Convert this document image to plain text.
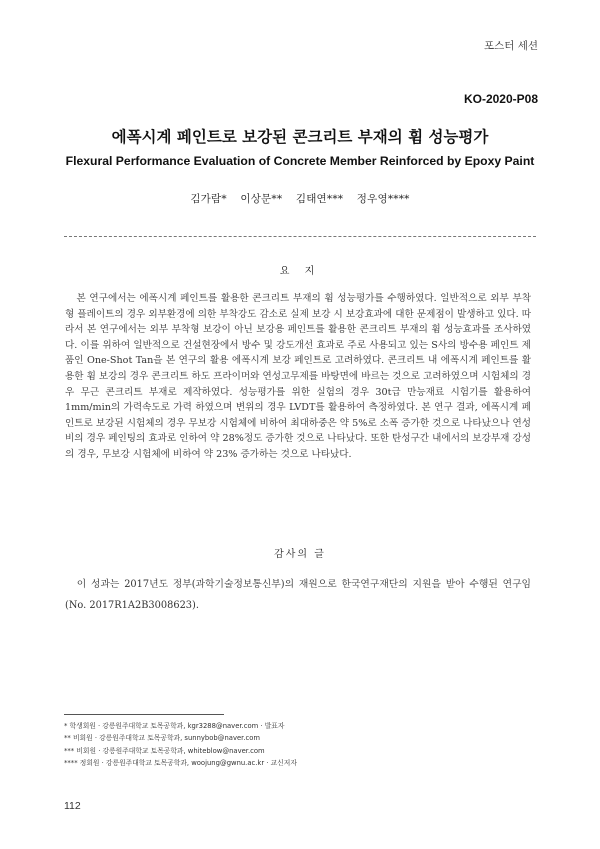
포스터 세션
KO-2020-P08
에폭시계 페인트로 보강된 콘크리트 부재의 휨 성능평가
Flexural Performance Evaluation of Concrete Member Reinforced by Epoxy Paint
김가람* 이상문** 김태연*** 정우영****
요 지
본 연구에서는 에폭시계 페인트를 활용한 콘크리트 부재의 휨 성능평가를 수행하였다. 일반적으로 외부 부착형 플레이트의 경우 외부환경에 의한 부착강도 감소로 실제 보강 시 보강효과에 대한 문제점이 발생하고 있다. 따라서 본 연구에서는 외부 부착형 보강이 아닌 보강용 페인트를 활용한 콘크리트 부재의 휨 성능효과를 조사하였다. 이를 위하여 일반적으로 건설현장에서 방수 및 강도개선 효과로 주로 사용되고 있는 S사의 방수용 페인트 제품인 One-Shot Tan을 본 연구의 활용 에폭시계 보강 페인트로 고려하였다. 콘크리트 내 에폭시계 페인트를 활용한 휨 보강의 경우 콘크리트 하도 프라이머와 연성고무제를 바탕면에 바르는 것으로 고려하였으며 시험체의 경우 무근 콘크리트 부재로 제작하였다. 성능평가를 위한 실험의 경우 30t급 만능재료 시험기를 활용하여 1mm/min의 가력속도로 가력 하였으며 변위의 경우 LVDT를 활용하여 측정하였다. 본 연구 결과, 에폭시계 페인트로 보강된 시험체의 경우 무보강 시험체에 비하여 최대하중은 약 5%로 소폭 증가한 것으로 나타났으나 연성비의 경우 페인팅의 효과로 인하여 약 28%정도 증가한 것으로 나타났다. 또한 탄성구간 내에서의 보강부재 강성의 경우, 무보강 시험체에 비하여 약 23% 증가하는 것으로 나타났다.
감사의 글
이 성과는 2017년도 정부(과학기술정보통신부)의 재원으로 한국연구재단의 지원을 받아 수행된 연구임(No. 2017R1A2B3008623).
* 학생회원 · 강릉원주대학교 토목공학과, kgr3288@naver.com · 발표자
** 비회원 · 강릉원주대학교 토목공학과, sunnybob@naver.com
*** 비회원 · 강릉원주대학교 토목공학과, whiteblow@naver.com
**** 정회원 · 강릉원주대학교 토목공학과, woojung@gwnu.ac.kr · 교신저자
112
